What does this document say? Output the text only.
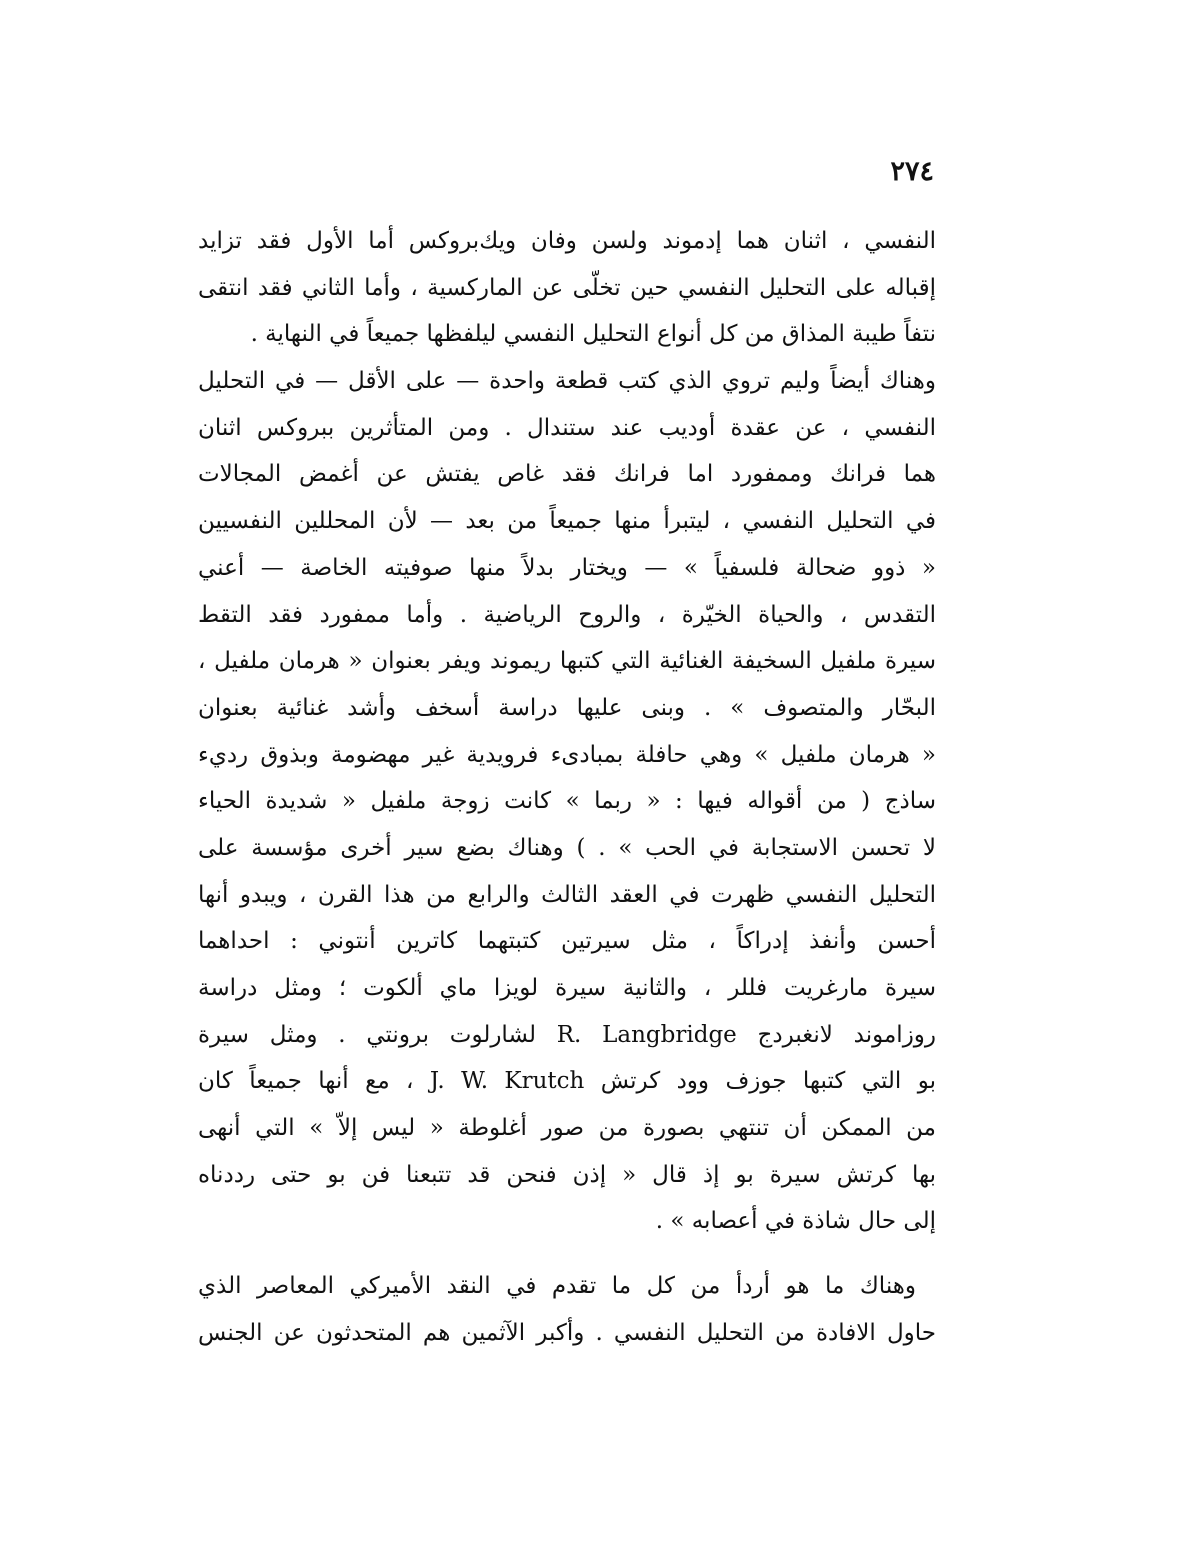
٢٧٤
النفسي ، اثنان هما إدموند ولسن وفان ويك‌بروكس أما الأول فقد تزايد
إقباله على التحليل النفسي حين تخلّى عن الماركسية ، وأما الثاني فقد انتقى
نتفاً طيبة المذاق من كل أنواع التحليل النفسي ليلفظها جميعاً في النهاية .
وهناك أيضاً وليم تروي الذي كتب قطعة واحدة — على الأقل — في التحليل
النفسي ، عن عقدة أوديب عند ستندال . ومن المتأثرين ببروكس اثنان
هما فرانك وممفورد اما فرانك فقد غاص يفتش عن أغمض المجالات
في التحليل النفسي ، ليتبرأ منها جميعاً من بعد — لأن المحللين النفسيين
« ذوو ضحالة فلسفياً » — ويختار بدلاً منها صوفيته الخاصة — أعني
التقدس ، والحياة الخيّرة ، والروح الرياضية . وأما ممفورد فقد التقط
سيرة ملفيل السخيفة الغنائية التي كتبها ريموند ويفر بعنوان « هرمان ملفيل ،
البحّار والمتصوف » . وبنى عليها دراسة أسخف وأشد غنائية بعنوان
« هرمان ملفيل » وهي حافلة بمبادىء فرويدية غير مهضومة وبذوق رديء
ساذج ( من أقواله فيها : « ربما » كانت زوجة ملفيل « شديدة الحياء
لا تحسن الاستجابة في الحب » . ) وهناك بضع سير أخرى مؤسسة على
التحليل النفسي ظهرت في العقد الثالث والرابع من هذا القرن ، ويبدو أنها
أحسن وأنفذ إدراكاً ، مثل سيرتين كتبتهما كاترين أنتوني : احداهما
سيرة مارغريت فللر ، والثانية سيرة لويزا ماي ألكوت ؛ ومثل دراسة
روزاموند لانغبردج R. Langbridge لشارلوت برونتي . ومثل سيرة
بو التي كتبها جوزف وود كرتش J. W. Krutch ، مع أنها جميعاً كان
من الممكن أن تنتهي بصورة من صور أغلوطة « ليس إلاّ » التي أنهى
بها كرتش سيرة بو إذ قال « إذن فنحن قد تتبعنا فن بو حتى رددناه
إلى حال شاذة في أعصابه » .
وهناك ما هو أردأ من كل ما تقدم في النقد الأميركي المعاصر الذي
حاول الافادة من التحليل النفسي . وأكبر الآثمين هم المتحدثون عن الجنس
